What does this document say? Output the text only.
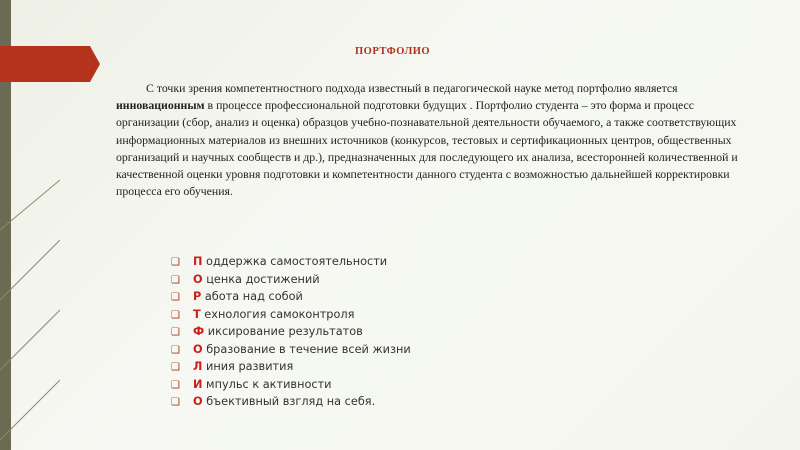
ПОРТФОЛИО
С точки зрения компетентностного подхода известный в педагогической науке метод портфолио является инновационным в процессе профессиональной подготовки будущих . Портфолио студента – это форма и процесс организации (сбор, анализ и оценка) образцов учебно-познавательной деятельности обучаемого, а также соответствующих информационных материалов из внешних источников (конкурсов, тестовых и сертификационных центров, общественных организаций и научных сообществ и др.), предназначенных для последующего их анализа, всесторонней количественной и качественной оценки уровня подготовки и компетентности данного студента с возможностью дальнейшей корректировки процесса его обучения.
❑ П оддержка самостоятельности
❑ О ценка достижений
❑ Р абота над собой
❑ Т ехнология самоконтроля
❑ Ф иксирование результатов
❑ О бразование в течение всей жизни
❑ Л иния развития
❑ И мпульс к активности
❑ О бъективный взгляд на себя.
